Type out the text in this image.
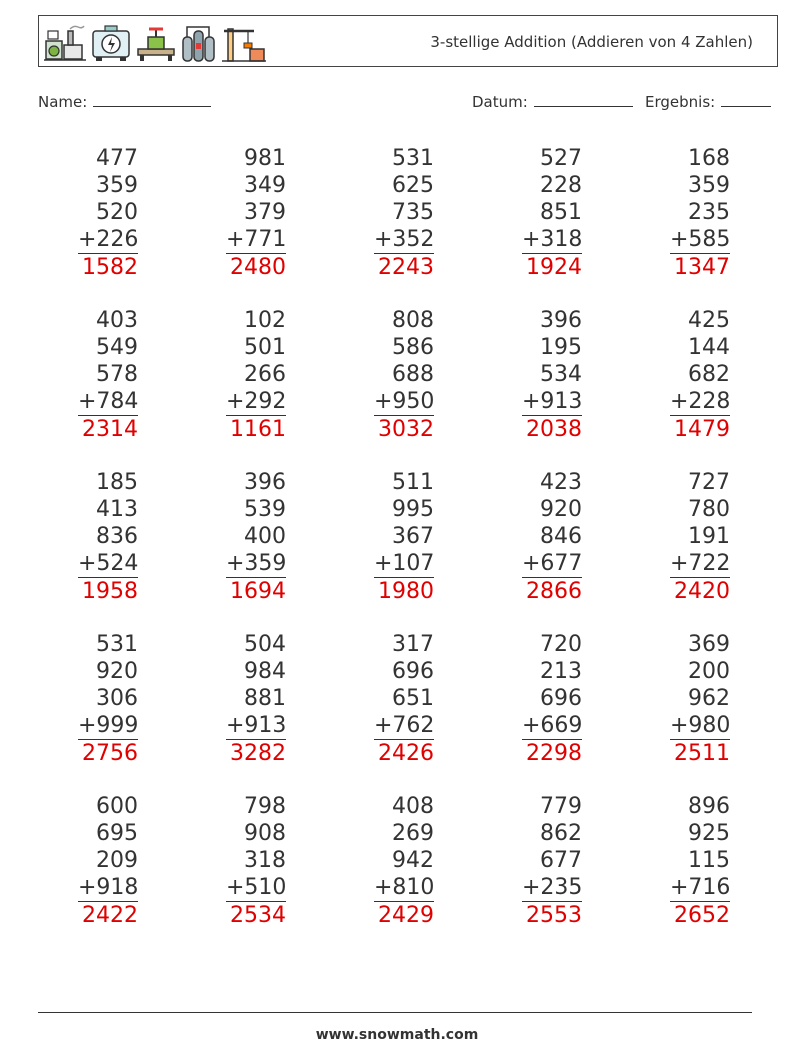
3-stellige Addition (Addieren von 4 Zahlen)
Name:	Datum:	Ergebnis:
477
359
520
+226
1582
981
349
379
+771
2480
531
625
735
+352
2243
527
228
851
+318
1924
168
359
235
+585
1347
403
549
578
+784
2314
102
501
266
+292
1161
808
586
688
+950
3032
396
195
534
+913
2038
425
144
682
+228
1479
185
413
836
+524
1958
396
539
400
+359
1694
511
995
367
+107
1980
423
920
846
+677
2866
727
780
191
+722
2420
531
920
306
+999
2756
504
984
881
+913
3282
317
696
651
+762
2426
720
213
696
+669
2298
369
200
962
+980
2511
600
695
209
+918
2422
798
908
318
+510
2534
408
269
942
+810
2429
779
862
677
+235
2553
896
925
115
+716
2652
www.snowmath.com
